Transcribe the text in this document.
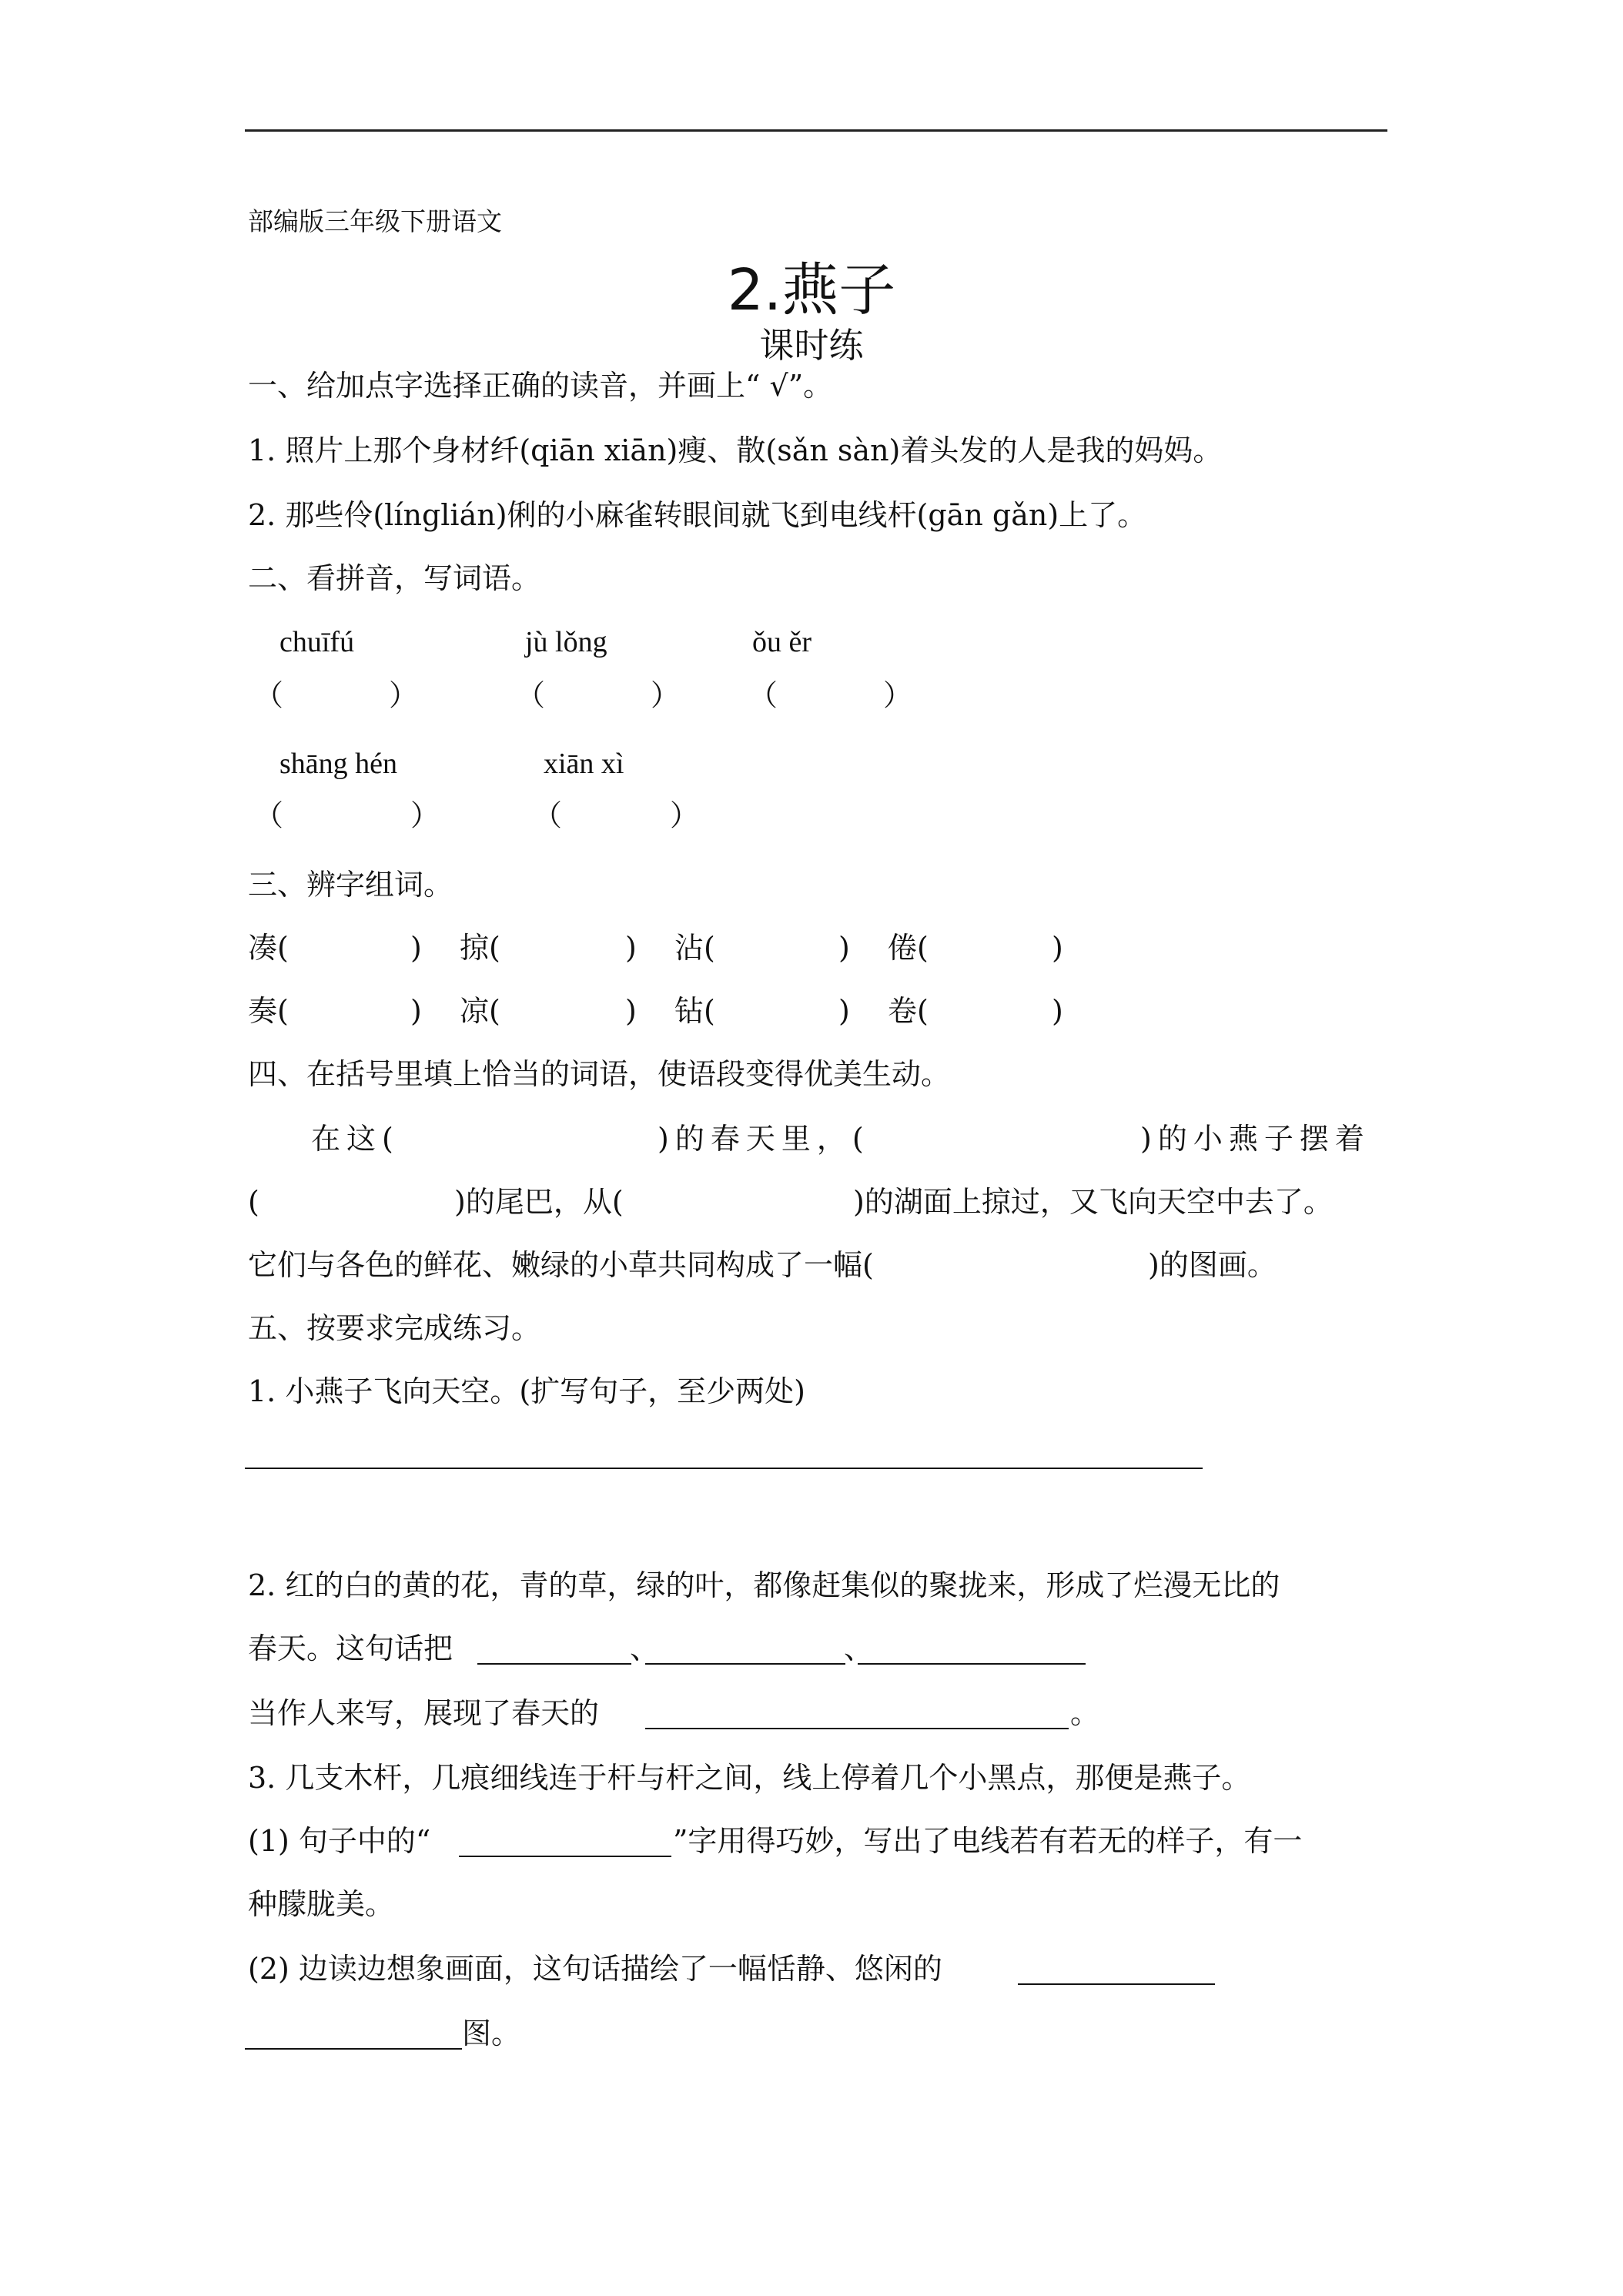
部编版三年级下册语文
2.燕子
课时练
一、给加点字选择正确的读音，并画上“ √”。
1. 照片上那个身材纤(qiān xiān)瘦、散(sǎn sàn)着头发的人是我的妈妈。
2. 那些伶(línglián)俐的小麻雀转眼间就飞到电线杆(gān gǎn)上了。
二、看拼音，写词语。
chuīfú	jù lǒng	ǒu ěr
（	）	（	） （	）
shāng hén	xiān xì
（	）	（	）
三、辨字组词。
凑(	) 掠(	) 沾(	) 倦(	)
奏(	) 凉(	) 钻(	) 卷(	)
四、在括号里填上恰当的词语，使语段变得优美生动。
在这(	)的春天里，(	)的小燕子摆着
(	)的尾巴，从(	)的湖面上掠过，又飞向天空中去了。
它们与各色的鲜花、嫩绿的小草共同构成了一幅(	)的图画。
五、按要求完成练习。
1. 小燕子飞向天空。(扩写句子，至少两处)
2. 红的白的黄的花，青的草，绿的叶，都像赶集似的聚拢来，形成了烂漫无比的
春天。这句话把	、	、
当作人来写，展现了春天的	。
3. 几支木杆，几痕细线连于杆与杆之间，线上停着几个小黑点，那便是燕子。
(1) 句子中的“	”字用得巧妙，写出了电线若有若无的样子，有一
种朦胧美。
(2) 边读边想象画面，这句话描绘了一幅恬静、悠闲的
图。
